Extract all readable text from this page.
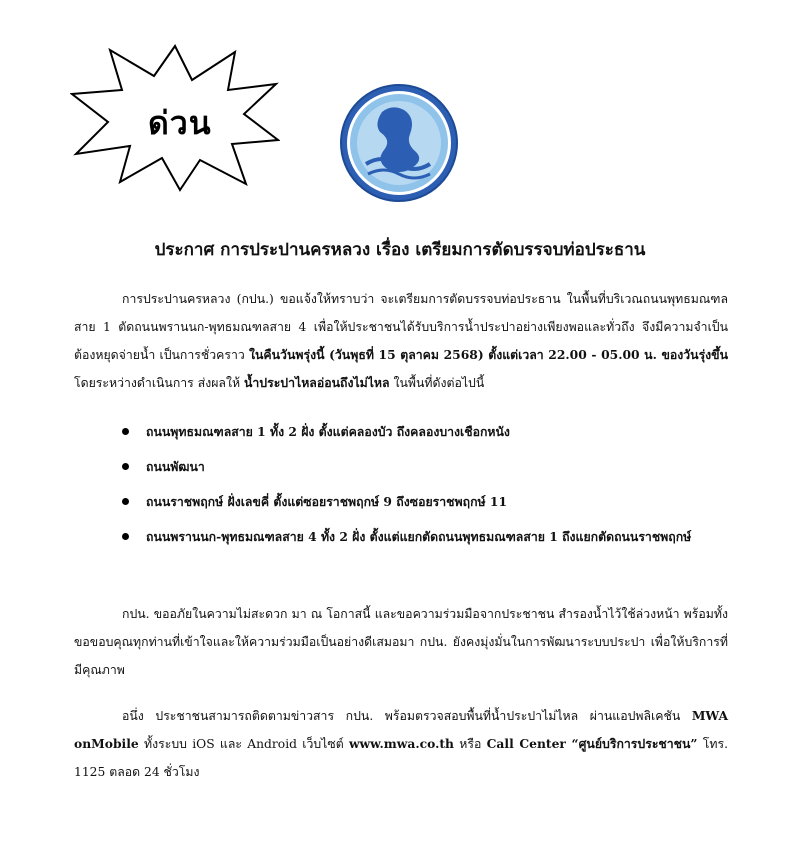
ด่วน
ประกาศ การประปานครหลวง เรื่อง เตรียมการตัดบรรจบท่อประธาน

การประปานครหลวง (กปน.) ขอแจ้งให้ทราบว่า จะเตรียมการตัดบรรจบท่อประธาน ในพื้นที่บริเวณถนนพุทธมณฑลสาย 1 ตัดถนนพรานนก-พุทธมณฑลสาย 4 เพื่อให้ประชาชนได้รับบริการน้ำประปาอย่างเพียงพอและทั่วถึง จึงมีความจำเป็นต้องหยุดจ่ายน้ำ เป็นการชั่วคราว ในคืนวันพรุ่งนี้ (วันพุธที่ 15 ตุลาคม 2568) ตั้งแต่เวลา 22.00 - 05.00 น. ของวันรุ่งขึ้น โดยระหว่างดำเนินการ ส่งผลให้ น้ำประปาไหลอ่อนถึงไม่ไหล ในพื้นที่ดังต่อไปนี้

ถนนพุทธมณฑลสาย 1 ทั้ง 2 ฝั่ง ตั้งแต่คลองบัว ถึงคลองบางเชือกหนัง
ถนนพัฒนา
ถนนราชพฤกษ์ ฝั่งเลขคี่ ตั้งแต่ซอยราชพฤกษ์ 9 ถึงซอยราชพฤกษ์ 11
ถนนพรานนก-พุทธมณฑลสาย 4 ทั้ง 2 ฝั่ง ตั้งแต่แยกตัดถนนพุทธมณฑลสาย 1 ถึงแยกตัดถนนราชพฤกษ์

กปน. ขออภัยในความไม่สะดวก มา ณ โอกาสนี้ และขอความร่วมมือจากประชาชน สำรองน้ำไว้ใช้ล่วงหน้า พร้อมทั้งขอขอบคุณทุกท่านที่เข้าใจและให้ความร่วมมือเป็นอย่างดีเสมอมา กปน. ยังคงมุ่งมั่นในการพัฒนาระบบประปา เพื่อให้บริการที่มีคุณภาพ

อนึ่ง ประชาชนสามารถติดตามข่าวสาร กปน. พร้อมตรวจสอบพื้นที่น้ำประปาไม่ไหล ผ่านแอปพลิเคชัน MWA onMobile ทั้งระบบ iOS และ Android เว็บไซต์ www.mwa.co.th หรือ Call Center “ศูนย์บริการประชาชน” โทร. 1125 ตลอด 24 ชั่วโมง
